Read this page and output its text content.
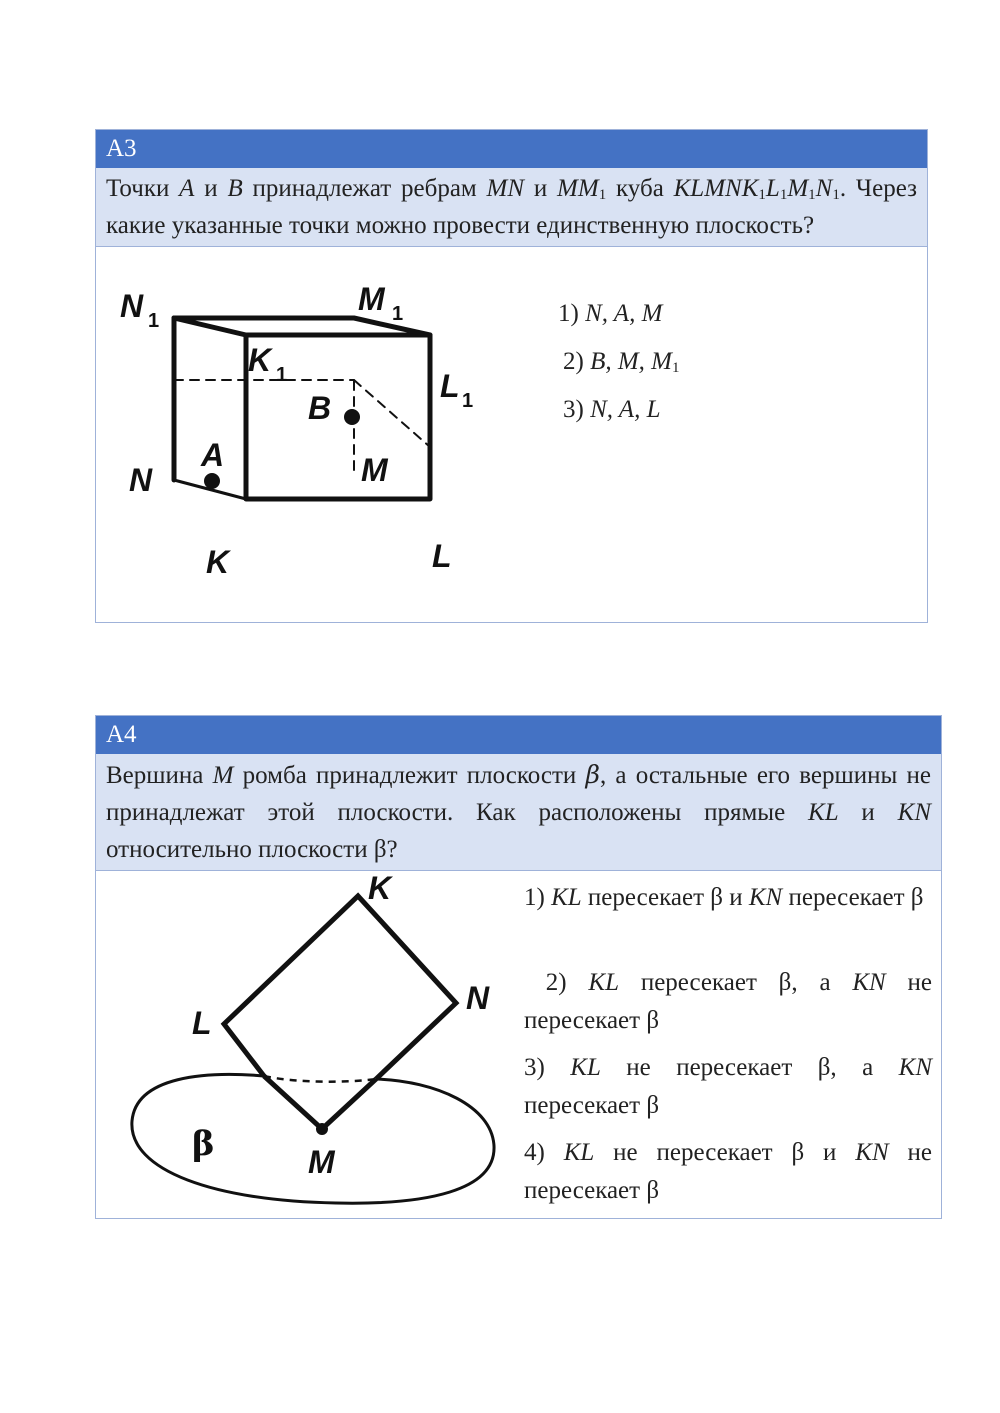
А3
Точки A и B принадлежат ребрам MN и $MM_1$ куба $KLMNK_1L_1M_1N_1$. Через какие указанные точки можно провести единственную плоскость?
N 1
M 1
K 1	L 1
B
A
N	M
K	L
1) N, A, M
2) B, M, $M_1$
3) N, A, L
А4
Вершина M ромба принадлежит плоскости β, а остальные его вершины не принадлежат этой плоскости. Как расположены прямые KL и KN относительно плоскости β?
K
L
N
M
β
1) KL пересекает β и KN пересекает β
2) KL пересекает β, а KN не пересекает β
3) KL не пересекает β, а KN пересекает β
4) KL не пересекает β и KN не пересекает β
